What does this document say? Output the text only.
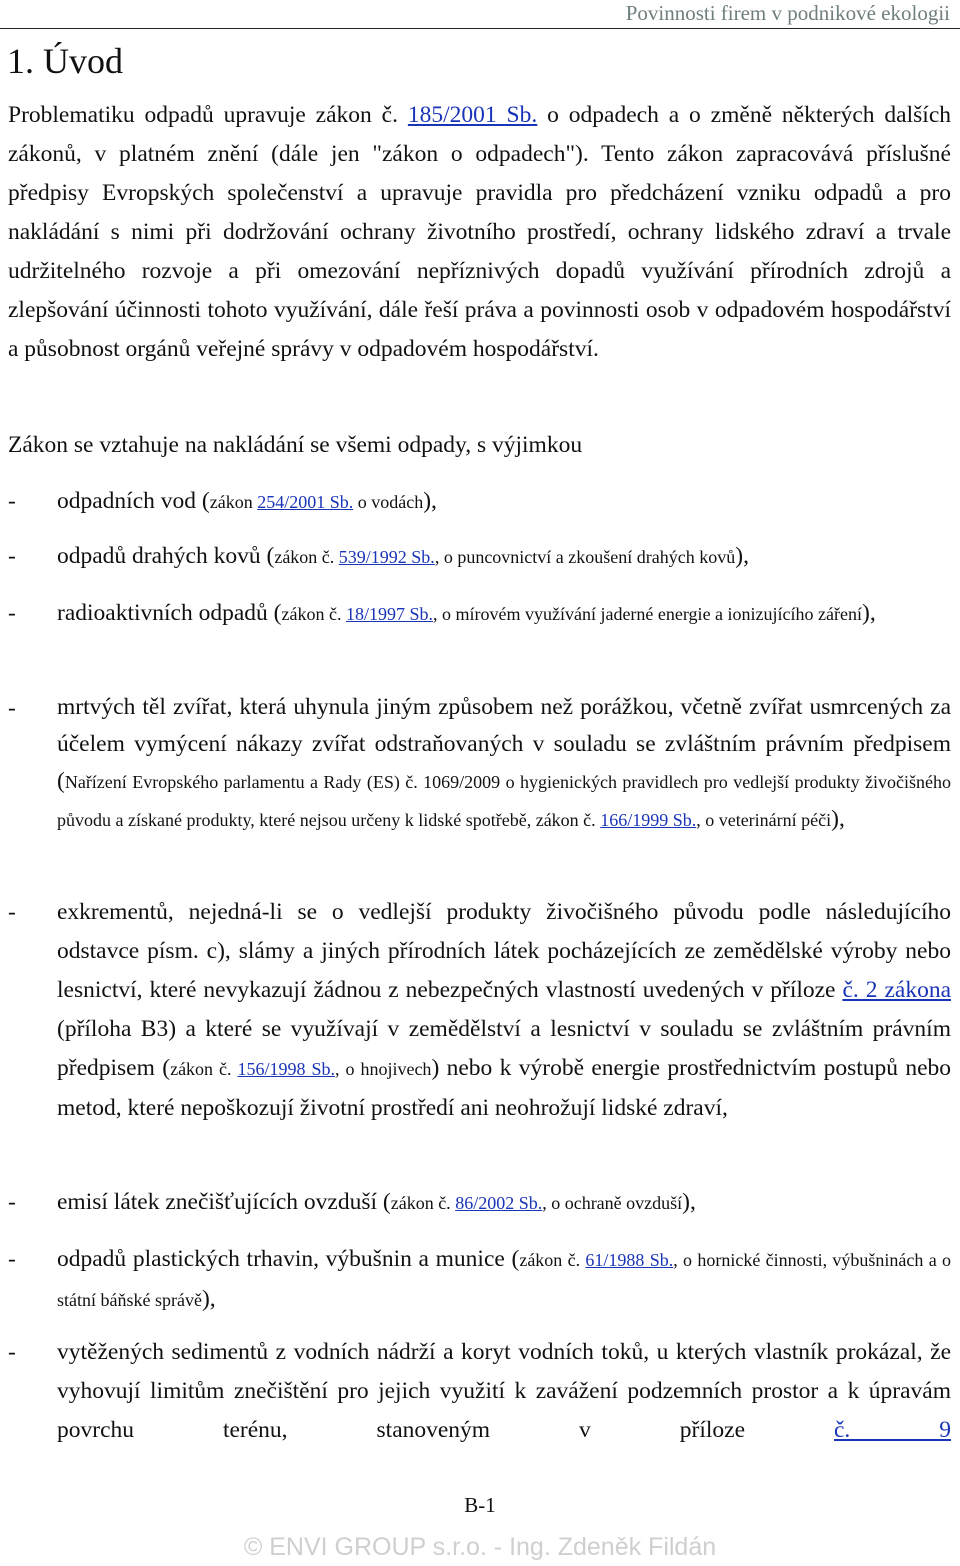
Povinnosti firem v podnikové ekologii
1. Úvod
Problematiku odpadů upravuje zákon č. 185/2001 Sb. o odpadech a o změně některých dalších zákonů, v platném znění (dále jen "zákon o odpadech"). Tento zákon zapracovává příslušné předpisy Evropských společenství a upravuje pravidla pro předcházení vzniku odpadů a pro nakládání s nimi při dodržování ochrany životního prostředí, ochrany lidského zdraví a trvale udržitelného rozvoje a při omezování nepříznivých dopadů využívání přírodních zdrojů a zlepšování účinnosti tohoto využívání, dále řeší práva a povinnosti osob v odpadovém hospodářství a působnost orgánů veřejné správy v odpadovém hospodářství.
Zákon se vztahuje na nakládání se všemi odpady, s výjimkou
- odpadních vod (zákon 254/2001 Sb. o vodách),
- odpadů drahých kovů (zákon č. 539/1992 Sb., o puncovnictví a zkoušení drahých kovů),
- radioaktivních odpadů (zákon č. 18/1997 Sb., o mírovém využívání jaderné energie a ionizujícího záření),
- mrtvých těl zvířat, která uhynula jiným způsobem než porážkou, včetně zvířat usmrcených za účelem vymýcení nákazy zvířat odstraňovaných v souladu se zvláštním právním předpisem (Nařízení Evropského parlamentu a Rady (ES) č. 1069/2009 o hygienických pravidlech pro vedlejší produkty živočišného původu a získané produkty, které nejsou určeny k lidské spotřebě, zákon č. 166/1999 Sb., o veterinární péči),
- exkrementů, nejedná-li se o vedlejší produkty živočišného původu podle následujícího odstavce písm. c), slámy a jiných přírodních látek pocházejících ze zemědělské výroby nebo lesnictví, které nevykazují žádnou z nebezpečných vlastností uvedených v příloze č. 2 zákona (příloha B3) a které se využívají v zemědělství a lesnictví v souladu se zvláštním právním předpisem (zákon č. 156/1998 Sb., o hnojivech) nebo k výrobě energie prostřednictvím postupů nebo metod, které nepoškozují životní prostředí ani neohrožují lidské zdraví,
- emisí látek znečišťujících ovzduší (zákon č. 86/2002 Sb., o ochraně ovzduší),
- odpadů plastických trhavin, výbušnin a munice (zákon č. 61/1988 Sb., o hornické činnosti, výbušninách a o státní báňské správě),
- vytěžených sedimentů z vodních nádrží a koryt vodních toků, u kterých vlastník prokázal, že vyhovují limitům znečištění pro jejich využití k zavážení podzemních prostor a k úpravám povrchu terénu, stanoveným v příloze č. 9
B-1
© ENVI GROUP s.r.o. - Ing. Zdeněk Fildán
